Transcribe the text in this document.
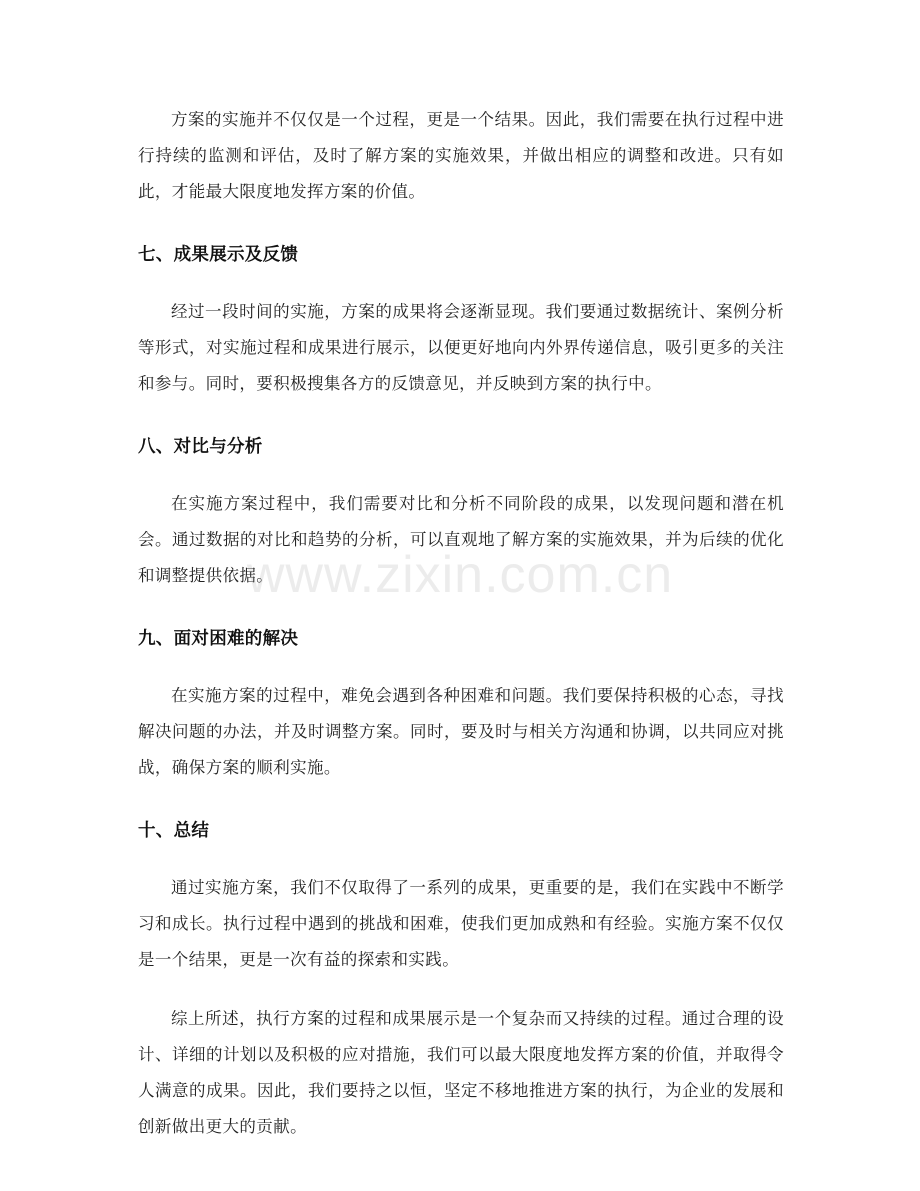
方案的实施并不仅仅是一个过程，更是一个结果。因此，我们需要在执行过程中进行持续的监测和评估，及时了解方案的实施效果，并做出相应的调整和改进。只有如此，才能最大限度地发挥方案的价值。

七、成果展示及反馈

经过一段时间的实施，方案的成果将会逐渐显现。我们要通过数据统计、案例分析等形式，对实施过程和成果进行展示，以便更好地向内外界传递信息，吸引更多的关注和参与。同时，要积极搜集各方的反馈意见，并反映到方案的执行中。

八、对比与分析

在实施方案过程中，我们需要对比和分析不同阶段的成果，以发现问题和潜在机会。通过数据的对比和趋势的分析，可以直观地了解方案的实施效果，并为后续的优化和调整提供依据。

九、面对困难的解决

在实施方案的过程中，难免会遇到各种困难和问题。我们要保持积极的心态，寻找解决问题的办法，并及时调整方案。同时，要及时与相关方沟通和协调，以共同应对挑战，确保方案的顺利实施。

十、总结

通过实施方案，我们不仅取得了一系列的成果，更重要的是，我们在实践中不断学习和成长。执行过程中遇到的挑战和困难，使我们更加成熟和有经验。实施方案不仅仅是一个结果，更是一次有益的探索和实践。

综上所述，执行方案的过程和成果展示是一个复杂而又持续的过程。通过合理的设计、详细的计划以及积极的应对措施，我们可以最大限度地发挥方案的价值，并取得令人满意的成果。因此，我们要持之以恒，坚定不移地推进方案的执行，为企业的发展和创新做出更大的贡献。

www.zixin.com.cn
